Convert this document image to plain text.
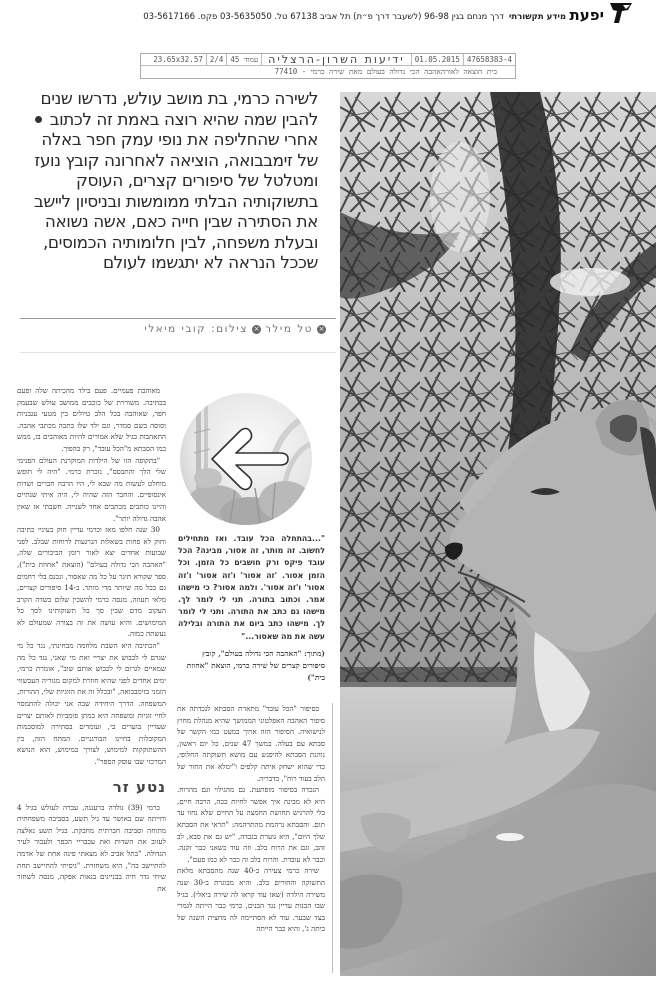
יפעת
מידע תקשורתי
דרך מנחם בגין 96-98 (לשעבר דרך פ״ת) תל אביב 67138 טל. 03-5635050 פקס. 03-5617166
47658383-4
01.05.2015
ידיעות השרון-הרצליה
עמוד 45
2/4
23.65x32.57
בית הוצאה לאורהאהבה הכי גדולה בעולם מאת שירה כרמי - 77410
לשירה כרמי, בת מושב עולש, נדרשו שנים להבין שמה שהיא רוצה באמת זה לכתוב  אחרי שהחליפה את נופי עמק חפר באלה של זימבבואה, הוציאה לאחרונה קובץ נועז ומטלטל של סיפורים קצרים, העוסק בתשוקותיה הבלתי ממומשות ובניסיון ליישב את הסתירה שבין חייה כאם, אשה נשואה ובעלת משפחה, לבין חלומותיה הכמוסים, שככל הנראה לא יתגשמו לעולם
×טל מילר×צילום: קובי מיאלי
"...בהתחלה הכל עובד. ואז מתחילים לחשוב. זה מותר, זה אסור, מבינה? הכל עובד פיקס ורק חושבים כל הזמן. וכל הזמן אסור. 'זה אסור' ו'זה אסור' ו'זה אסור' ו'זה אסור'. ולמה אסור? כי מישהו אמר. וכתוב בתורה. תני לי לומר לך. מישהו גם כתב את התורה. ותני לי לומר לך. מישהו כתב ביום את התורה ובלילה עשה את מה שאסור..."
(מתוך: "האהבה הכי גדולה בעולם", קובץ סיפורים קצרים של שירה כרמי, הוצאת "אחוזת בית")

מאוהבת פעמיים. פעם בילד מהכיתה שלה ופעם בכתיבה. משוררת של כוכבים ממושב עולש שבעמק חפר, שאוהבה בכל הלב טיולים בין מטעי עגבניות וסוסה בשם סמדר, וגם ילד שלו כתבה מכתבי אהבה. התאהבות בגיל שלא אמורים להיות מאוהבים בו, ממש כמו הסבתא מ"הכל עובד", רק בהפוך.

"בתקופה הזו של הילדות המוקרנת העולם הפנימי שלי הלך והתבסס", נזכרת כרמי. "היה לי חופש מוחלט לעשות מה שבא לי, היו הרבה חברים ושדות אינסופיים. והחבר הזה שהיה לי, היה איתי שנתיים והיינו כותבים מכתבים אחד לשנייה. חשבתי אז שאין אהבה גדולה יותר".

30 שנה חלפו מאז וכרמי עדיין חוק בעיניי כתיבה וחוק לא פחות בשאלות הנרגעות לרוחות שבלב. לפני שבועות אחדים יצא לאור רומן הביכורים שלה, "האהבה הכי גדולה בעולם" (הוצאת "אחוזת בית"), ספר שקורא תיגר על כל מה שאסור, ונכנס בלי רחמים גם בכל מה שיותר מדי מותר. ב-14 סיפורים קצרים, מלאי תעוזה, מנסה כרמי להשכין שלום בשדה הקרב העקוב מדם שבין סך כל תשוקותינו לסך כל המימושים. והיא עושה את זה בצורה שמעולם לא נעשתה כמוה.

"הכתיבה היא השבת מלחמה מבחינתי, נגד כל מי שגרם לי לכבוש את יצריי ואת מי שאני, נגד כל מה שמאיים לגרום לי לכבוש אותם שוב", אומרת כרמי, ימים אחדים לפני שהיא חוזרת למקום מגוריה העכשווי הזמני בזימבבואה, "ובכלל זה את הזוגיות שלי, ההורות, המשפחה. הדרך היחידה שבה אני יכולה להתמסר לחיי זוגיות ומשפחה היא במתן פומביות לאותם יצרים שעדיין בוערים בי, ועומדים בסתירה למוסכמות המקובלות בחיינו הבורגניים. המתח הזה, בין ההשתוקקות למימוש, לצורך במימוש, הוא הנושא המרכזי שבו עוסק הספר".

נטע זר

כרמי (39) נולדה ברעננה, עברה לעולש בגיל 4 וחייתה שם באושר עד גיל תשע, בסביבה משפחתית מתוחה וסביבה חברתית מחבקת. בגיל תשע נאלצה לעזוב את השדות ואת עכבריי הכפר ולעבור לעיר הגדולה. "בתל אביב לא מצאתי פינה אחת של אדמה להתיישב בה", היא משחזרת. "ניסיתי להתיישב תחת שיחי גדר חיה בבניינים בגאות אפקה, מנסה לשחזר את

בסיפור "הכל עובד" מתארת הסבתא לנכדתה את סיפור האהבה האפלטוני הממושך שהיא מנהלת מחוץ לנישואיה. הסיפור הזה ארוך במעט כמו הקשר של סבתא עם בעלה. במשך 47 שנים, כל יום ראשון, נוהגת הסבתא להיפגש עם מושא תשוקתה החלופי, כדי שהוא ישחק איתה קלפים ו"ימלא את החור של הלב בעוד רוח", כדבריה.

הנכדה בסיפור מופתעת. גם מהגילוי וגם מהרוח. היא לא מבינה איך אפשר לחיות ככה, הרבה חיים, בלי להרגיש תחושת החמצה על החיים שלא נחוו עד תום. והסבתא נרהמת מהתרהמה: "תראי את הסבתא שלך היום", היא גוערת בנכדה, "יש גם את סבא, לב זהב, וגם את הרוח בלב. וזה עוד כשאני כבר זקנה. וכבר לא עובדת. והרוח בלב זה כבר לא כמו פעם".

שירה כרמי צעירה ב-40 שנה מהסבתא מלאת התשוקה והחורים בלב. והיא מבוגרת ב-30 שנה משירה הילדה (שאז עוד קראו לה שירה ביאלי). בגיל שבו הבנות עדיין נגד הבנים, כרמי כבר הייתה לגמרי בצד שבער. עוד לא הסתיימה לה מחצית השנה של כיתה ג', והיא כבר הייתה
